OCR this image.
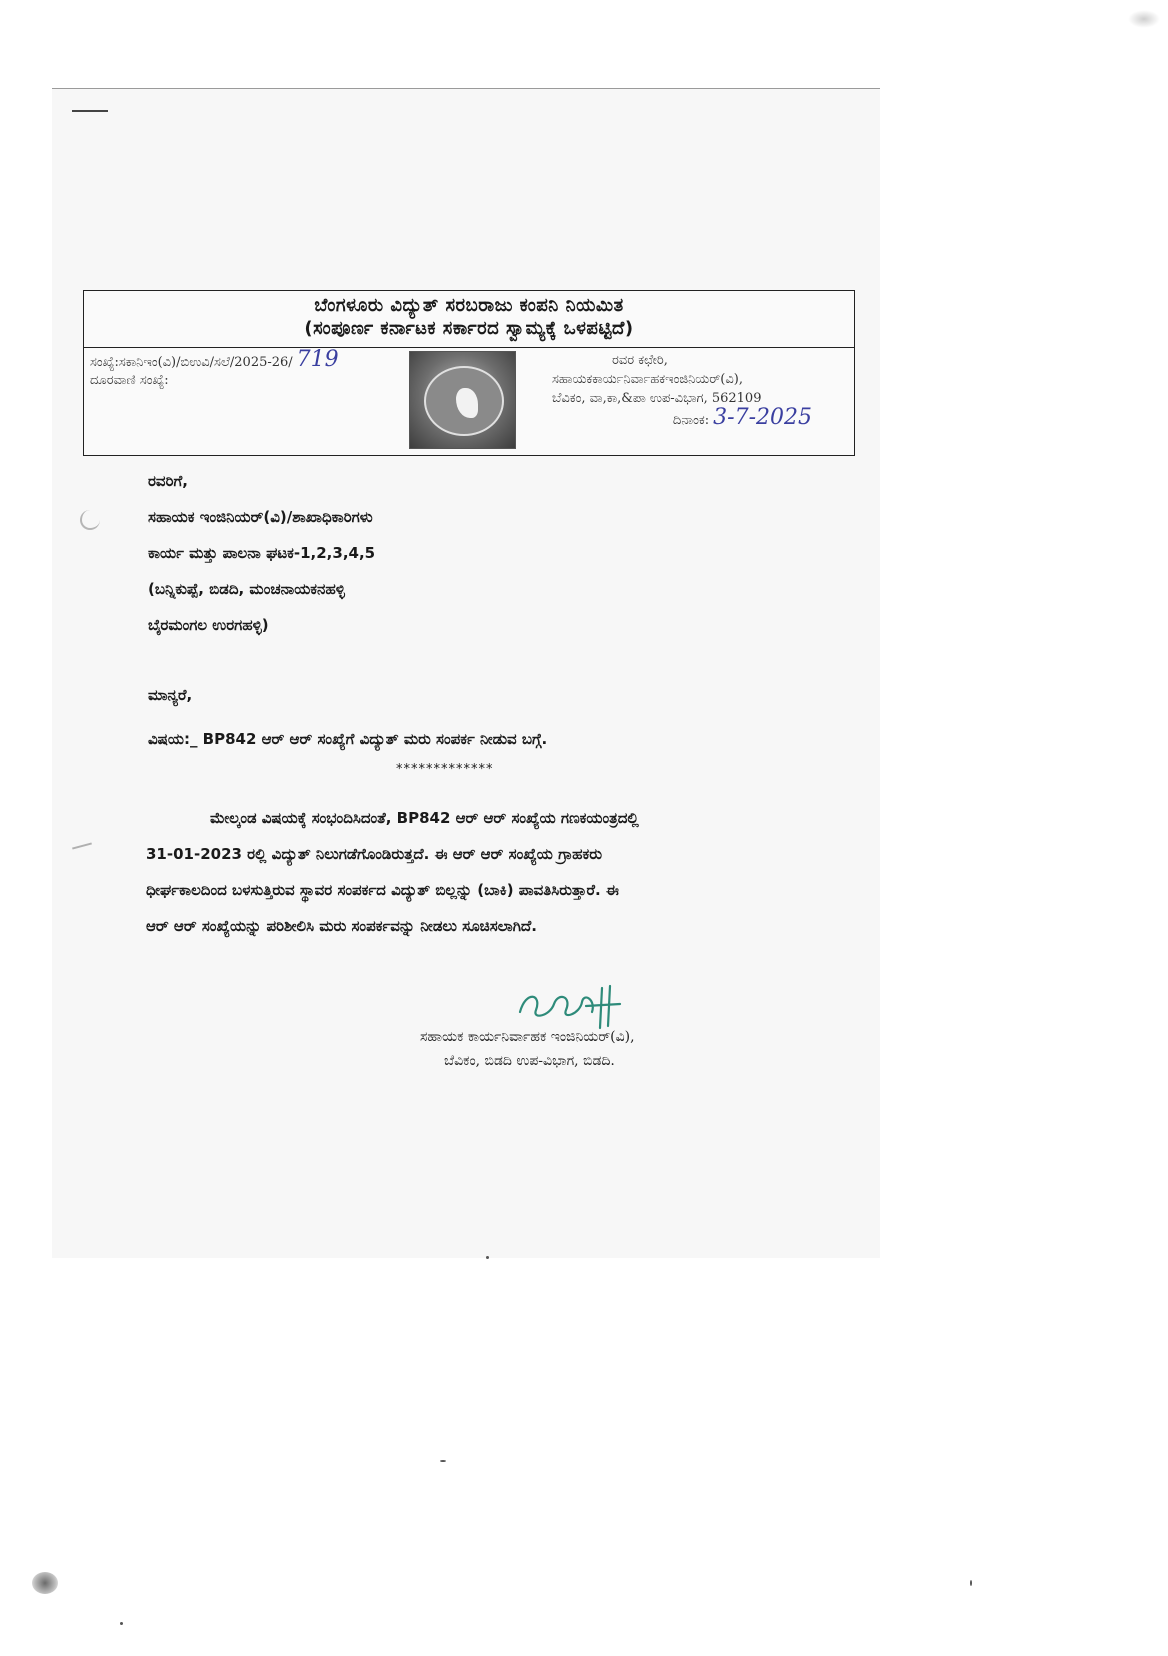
ಬೆಂಗಳೂರು ವಿದ್ಯುತ್ ಸರಬರಾಜು ಕಂಪನಿ ನಿಯಮಿತ
(ಸಂಪೂರ್ಣ ಕರ್ನಾಟಕ ಸರ್ಕಾರದ ಸ್ವಾಮ್ಯಕ್ಕೆ ಒಳಪಟ್ಟಿದೆ)
ಸಂಖ್ಯೆ:ಸಕಾನಿಇಂ(ವಿ)/ಬಿಉವಿ/ಸಲೆ/2025-26/ 719
ದೂರವಾಣಿ ಸಂಖ್ಯೆ:
ರವರ ಕಛೇರಿ,
ಸಹಾಯಕಕಾರ್ಯನಿರ್ವಾಹಕಇಂಜಿನಿಯರ್(ವಿ),
ಬೆವಿಕಂ, ವಾ,ಕಾ,&ಪಾ ಉಪ-ವಿಭಾಗ, 562109
ದಿನಾಂಕ: 3-7-2025
ರವರಿಗೆ,
ಸಹಾಯಕ ಇಂಜಿನಿಯರ್(ವಿ)/ಶಾಖಾಧಿಕಾರಿಗಳು
ಕಾರ್ಯ ಮತ್ತು ಪಾಲನಾ ಘಟಕ-1,2,3,4,5
(ಬನ್ನಿಕುಪ್ಪೆ, ಬಿಡದಿ, ಮಂಚನಾಯಕನಹಳ್ಳಿ
ಬೈರಮಂಗಲ ಉರಗಹಳ್ಳಿ)
ಮಾನ್ಯರೆ,
ವಿಷಯ:_ BP842 ಆರ್ ಆರ್ ಸಂಖ್ಯೆಗೆ ವಿದ್ಯುತ್ ಮರು ಸಂಪರ್ಕ ನೀಡುವ ಬಗ್ಗೆ.
*************
ಮೇಲ್ಕಂಡ ವಿಷಯಕ್ಕೆ ಸಂಭಂದಿಸಿದಂತೆ, BP842 ಆರ್ ಆರ್ ಸಂಖ್ಯೆಯ ಗಣಕಯಂತ್ರದಲ್ಲಿ
31-01-2023 ರಲ್ಲಿ ವಿದ್ಯುತ್ ನಿಲುಗಡೆಗೊಂಡಿರುತ್ತದೆ. ಈ ಆರ್ ಆರ್ ಸಂಖ್ಯೆಯ ಗ್ರಾಹಕರು
ಧೀರ್ಘಕಾಲದಿಂದ ಬಳಸುತ್ತಿರುವ ಸ್ಥಾವರ ಸಂಪರ್ಕದ ವಿದ್ಯುತ್ ಬಿಲ್ಲನ್ನು (ಬಾಕಿ) ಪಾವತಿಸಿರುತ್ತಾರೆ. ಈ
ಆರ್ ಆರ್ ಸಂಖ್ಯೆಯನ್ನು ಪರಿಶೀಲಿಸಿ ಮರು ಸಂಪರ್ಕವನ್ನು ನೀಡಲು ಸೂಚಿಸಲಾಗಿದೆ.
ಸಹಾಯಕ ಕಾರ್ಯನಿರ್ವಾಹಕ ಇಂಜಿನಿಯರ್(ವಿ),
ಬೆವಿಕಂ, ಬಿಡದಿ ಉಪ-ವಿಭಾಗ, ಬಿಡದಿ.
